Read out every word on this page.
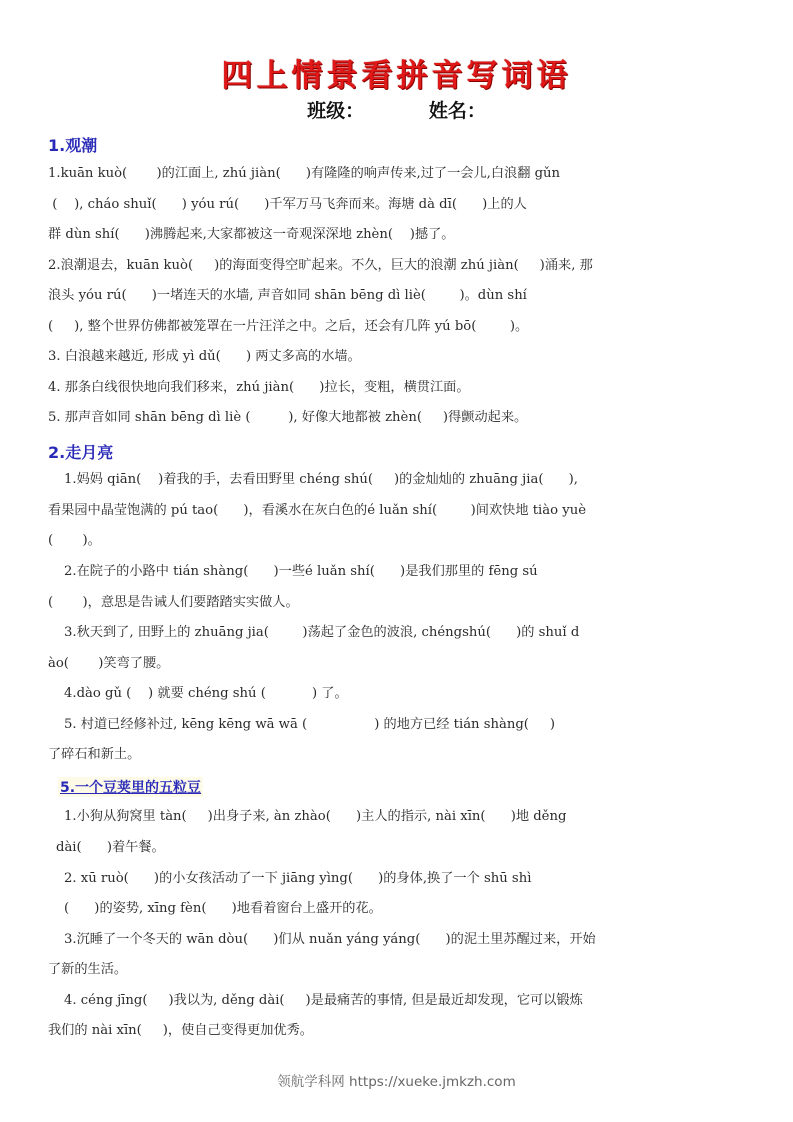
四上情景看拼音写词语
班级：	姓名：
1.观潮
1.kuān kuò(       )的江面上, zhú jiàn(      )有隆隆的响声传来,过了一会儿,白浪翻 gǔn
(    ), cháo shuǐ(      ) yóu rú(      )千军万马飞奔而来。海塘 dà dī(      )上的人
群 dùn shí(      )沸腾起来,大家都被这一奇观深深地 zhèn(    )撼了。
2.浪潮退去，kuān kuò(     )的海面变得空旷起来。不久，巨大的浪潮 zhú jiàn(     )涌来, 那
浪头 yóu rú(      )一堵连天的水墙, 声音如同 shān bēng dì liè(        )。dùn shí
(     ), 整个世界仿佛都被笼罩在一片汪洋之中。之后，还会有几阵 yú bō(        )。
3. 白浪越来越近, 形成 yì dǔ(      ) 两丈多高的水墙。
4. 那条白线很快地向我们移来，zhú jiàn(      )拉长，变粗，横贯江面。
5. 那声音如同 shān bēng dì liè (         ), 好像大地都被 zhèn(     )得颤动起来。
2.走月亮
1.妈妈 qiān(    )着我的手，去看田野里 chéng shú(     )的金灿灿的 zhuāng jia(      ),
看果园中晶莹饱满的 pú tao(      )，看溪水在灰白色的é luǎn shí(        )间欢快地 tiào yuè
(       )。
2.在院子的小路中 tián shàng(      )一些é luǎn shí(      )是我们那里的 fēng sú
(       )，意思是告诫人们要踏踏实实做人。
3.秋天到了, 田野上的 zhuāng jia(        )荡起了金色的波浪, chéngshú(      )的 shuǐ d
ào(       )笑弯了腰。
4.dào gǔ (    ) 就要 chéng shú (           ) 了。
5. 村道已经修补过, kēng kēng wā wā (                ) 的地方已经 tián shàng(     )
了碎石和新土。
5.一个豆荚里的五粒豆
1.小狗从狗窝里 tàn(     )出身子来, àn zhào(      )主人的指示, nài xīn(      )地 děng
dài(      )着午餐。
2. xū ruò(      )的小女孩活动了一下 jiāng yìng(      )的身体,换了一个 shū shì
(      )的姿势, xīng fèn(      )地看着窗台上盛开的花。
3.沉睡了一个冬天的 wān dòu(      )们从 nuǎn yáng yáng(      )的泥土里苏醒过来，开始
了新的生活。
4. céng jīng(     )我以为, děng dài(     )是最痛苦的事情, 但是最近却发现，它可以锻炼
我们的 nài xīn(     )，使自己变得更加优秀。
领航学科网 https://xueke.jmkzh.com
